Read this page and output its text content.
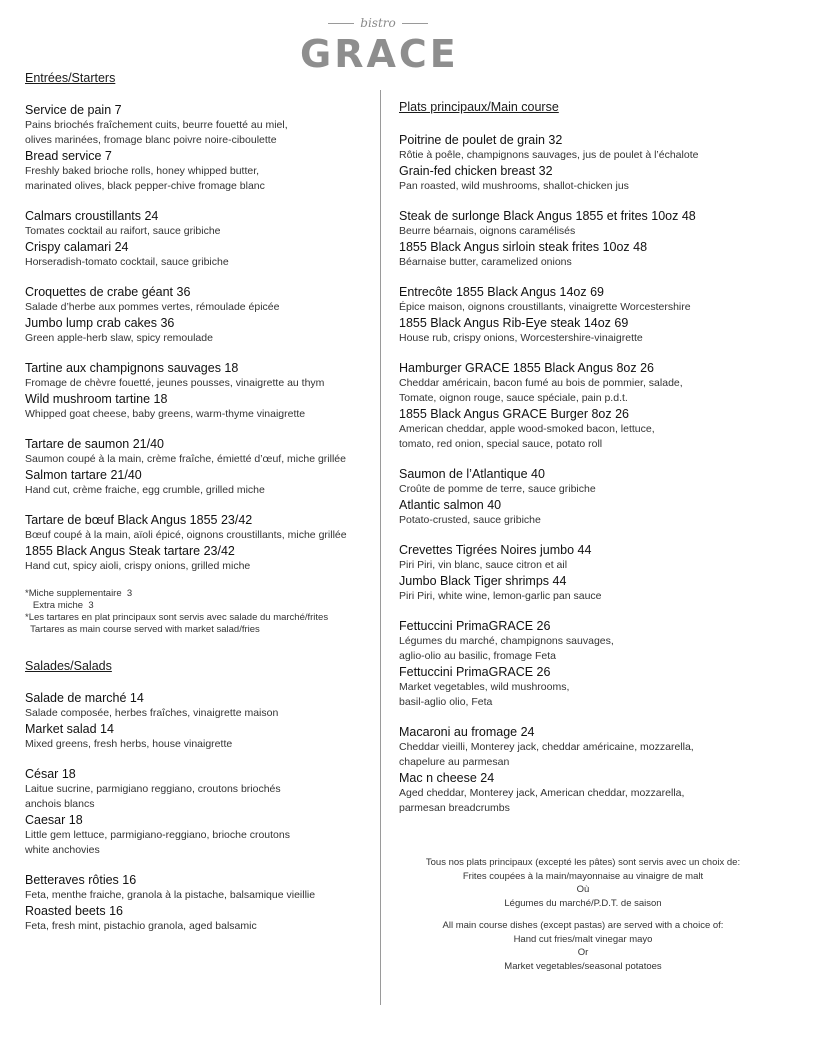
bistro
GRACE
Entrées/Starters
Service de pain 7
Pains briochés fraîchement cuits, beurre fouetté au miel,
olives marinées, fromage blanc poivre noire-ciboulette
Bread service 7
Freshly baked brioche rolls, honey whipped butter,
marinated olives, black pepper-chive fromage blanc
Calmars croustillants 24
Tomates cocktail au raifort, sauce gribiche
Crispy calamari 24
Horseradish-tomato cocktail, sauce gribiche
Croquettes de crabe géant 36
Salade d’herbe aux pommes vertes, rémoulade épicée
Jumbo lump crab cakes 36
Green apple-herb slaw, spicy remoulade
Tartine aux champignons sauvages 18
Fromage de chèvre fouetté, jeunes pousses, vinaigrette au thym
Wild mushroom tartine 18
Whipped goat cheese, baby greens, warm-thyme vinaigrette
Tartare de saumon 21/40
Saumon coupé à la main, crème fraîche, émietté d’œuf, miche grillée
Salmon tartare 21/40
Hand cut, crème fraiche, egg crumble, grilled miche
Tartare de bœuf Black Angus 1855 23/42
Bœuf coupé à la main, aïoli épicé, oignons croustillants, miche grillée
1855 Black Angus Steak tartare 23/42
Hand cut, spicy aioli, crispy onions, grilled miche
*Miche supplementaire  3
Extra miche  3
*Les tartares en plat principaux sont servis avec salade du marché/frites
Tartares as main course served with market salad/fries
Salades/Salads
Salade de marché 14
Salade composée, herbes fraîches, vinaigrette maison
Market salad 14
Mixed greens, fresh herbs, house vinaigrette
César 18
Laitue sucrine, parmigiano reggiano, croutons briochés
anchois blancs
Caesar 18
Little gem lettuce, parmigiano-reggiano, brioche croutons
white anchovies
Betteraves rôties 16
Feta, menthe fraiche, granola à la pistache, balsamique vieillie
Roasted beets 16
Feta, fresh mint, pistachio granola, aged balsamic
Plats principaux/Main course
Poitrine de poulet de grain 32
Rôtie à poêle, champignons sauvages, jus de poulet à l’échalote
Grain-fed chicken breast 32
Pan roasted, wild mushrooms, shallot-chicken jus
Steak de surlonge Black Angus 1855 et frites 10oz 48
Beurre béarnais, oignons caramélisés
1855 Black Angus sirloin steak frites 10oz 48
Béarnaise butter, caramelized onions
Entrecôte 1855 Black Angus 14oz 69
Épice maison, oignons croustillants, vinaigrette Worcestershire
1855 Black Angus Rib-Eye steak 14oz 69
House rub, crispy onions, Worcestershire-vinaigrette
Hamburger GRACE 1855 Black Angus 8oz 26
Cheddar américain, bacon fumé au bois de pommier, salade,
Tomate, oignon rouge, sauce spéciale, pain p.d.t.
1855 Black Angus GRACE Burger 8oz 26
American cheddar, apple wood-smoked bacon, lettuce,
tomato, red onion, special sauce, potato roll
Saumon de l’Atlantique 40
Croûte de pomme de terre, sauce gribiche
Atlantic salmon 40
Potato-crusted, sauce gribiche
Crevettes Tigrées Noires jumbo 44
Piri Piri, vin blanc, sauce citron et ail
Jumbo Black Tiger shrimps 44
Piri Piri, white wine, lemon-garlic pan sauce
Fettuccini PrimaGRACE 26
Légumes du marché, champignons sauvages,
aglio-olio au basilic, fromage Feta
Fettuccini PrimaGRACE 26
Market vegetables, wild mushrooms,
basil-aglio olio, Feta
Macaroni au fromage 24
Cheddar vieilli, Monterey jack, cheddar américaine, mozzarella,
chapelure au parmesan
Mac n cheese 24
Aged cheddar, Monterey jack, American cheddar, mozzarella,
parmesan breadcrumbs
Tous nos plats principaux (excepté les pâtes) sont servis avec un choix de:
Frites coupées à la main/mayonnaise au vinaigre de malt
Où
Légumes du marché/P.D.T. de saison
All main course dishes (except pastas) are served with a choice of:
Hand cut fries/malt vinegar mayo
Or
Market vegetables/seasonal potatoes
